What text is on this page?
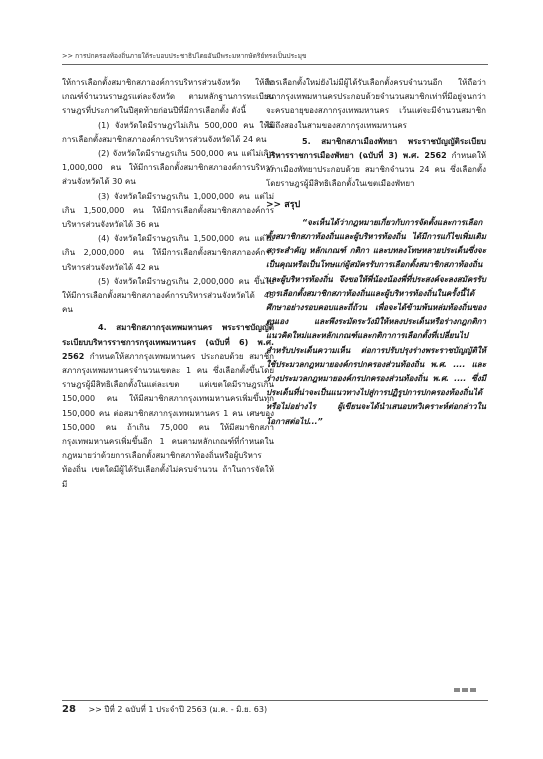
>> การปกครองท้องถิ่นภายใต้ระบอบประชาธิปไตยอันมีพระมหากษัตริย์ทรงเป็นประมุข

ให้การเลือกตั้งสมาชิกสภาองค์การบริหารส่วนจังหวัด ให้ถือเกณฑ์จำนวนราษฎรแต่ละจังหวัด ตามหลักฐานการทะเบียนราษฎรที่ประกาศในปีสุดท้ายก่อนปีที่มีการเลือกตั้ง ดังนี้

(1) จังหวัดใดมีราษฎรไม่เกิน 500,000 คน ให้มีการเลือกตั้งสมาชิกสภาองค์การบริหารส่วนจังหวัดได้ 24 คน

(2) จังหวัดใดมีราษฎรเกิน 500,000 คน แต่ไม่เกิน 1,000,000 คน ให้มีการเลือกตั้งสมาชิกสภาองค์การบริหารส่วนจังหวัดได้ 30 คน

(3) จังหวัดใดมีราษฎรเกิน 1,000,000 คน แต่ไม่เกิน 1,500,000 คน ให้มีการเลือกตั้งสมาชิกสภาองค์การบริหารส่วนจังหวัดได้ 36 คน

(4) จังหวัดใดมีราษฎรเกิน 1,500,000 คน แต่ไม่เกิน 2,000,000 คน ให้มีการเลือกตั้งสมาชิกสภาองค์การบริหารส่วนจังหวัดได้ 42 คน

(5) จังหวัดใดมีราษฎรเกิน 2,000,000 คน ขึ้นไป ให้มีการเลือกตั้งสมาชิกสภาองค์การบริหารส่วนจังหวัดได้ 48 คน

4. สมาชิกสภากรุงเทพมหานคร พระราชบัญญัติระเบียบบริหารราชการกรุงเทพมหานคร (ฉบับที่ 6) พ.ศ. 2562 กำหนดให้สภากรุงเทพมหานคร ประกอบด้วย สมาชิกสภากรุงเทพมหานครจำนวนเขตละ 1 คน ซึ่งเลือกตั้งขึ้นโดยราษฎรผู้มีสิทธิเลือกตั้งในแต่ละเขต แต่เขตใดมีราษฎรเกิน 150,000 คน ให้มีสมาชิกสภากรุงเทพมหานครเพิ่มขึ้นทุก 150,000 คน ต่อสมาชิกสภากรุงเทพมหานคร 1 คน เศษของ 150,000 คน ถ้าเกิน 75,000 คน ให้มีสมาชิกสภากรุงเทพมหานครเพิ่มขึ้นอีก 1 คนตามหลักเกณฑ์ที่กำหนดในกฎหมายว่าด้วยการเลือกตั้งสมาชิกสภาท้องถิ่นหรือผู้บริหารท้องถิ่น เขตใดมีผู้ได้รับเลือกตั้งไม่ครบจำนวน ถ้าในการจัดให้มี

การเลือกตั้งใหม่ยังไม่มีผู้ได้รับเลือกตั้งครบจำนวนอีก ให้ถือว่าสภากรุงเทพมหานครประกอบด้วยจำนวนสมาชิกเท่าที่มีอยู่จนกว่าจะครบอายุของสภากรุงเทพมหานคร เว้นแต่จะมีจำนวนสมาชิกไม่ถึงสองในสามของสภากรุงเทพมหานคร

5. สมาชิกสภาเมืองพัทยา พระราชบัญญัติระเบียบบริหารราชการเมืองพัทยา (ฉบับที่ 3) พ.ศ. 2562 กำหนดให้สภาเมืองพัทยาประกอบด้วย สมาชิกจำนวน 24 คน ซึ่งเลือกตั้งโดยราษฎรผู้มีสิทธิเลือกตั้งในเขตเมืองพัทยา

>> สรุป

“จะเห็นได้ว่ากฎหมายเกี่ยวกับการจัดตั้งและการเลือกตั้งสมาชิกสภาท้องถิ่นและผู้บริหารท้องถิ่น ได้มีการแก้ไขเพิ่มเติมสาระสำคัญ หลักเกณฑ์ กติกา และบทลงโทษหลายประเด็นซึ่งจะเป็นคุณหรือเป็นโทษแก่ผู้สมัครรับการเลือกตั้งสมาชิกสภาท้องถิ่นและผู้บริหารท้องถิ่น จึงขอให้พี่น้องน้องพี่ที่ประสงค์จะลงสมัครรับการเลือกตั้งสมาชิกสภาท้องถิ่นและผู้บริหารท้องถิ่นในครั้งนี้ได้ศึกษาอย่างรอบคอบและถี่ถ้วน เพื่อจะได้ข้ามพ้นหล่มท้องถิ่นของตนเอง และพึงระมัดระวังมิให้หลงประเด็นหรือร่างกฎกติกาแนวคิดใหม่และหลักเกณฑ์และกติกาการเลือกตั้งที่เปลี่ยนไป สำหรับประเด็นความเห็น ต่อการปรับปรุงร่างพระราชบัญญัติให้ใช้ประมวลกฎหมายองค์กรปกครองส่วนท้องถิ่น พ.ศ. .... และร่างประมวลกฎหมายองค์กรปกครองส่วนท้องถิ่น พ.ศ. .... ซึ่งมีประเด็นที่น่าจะเป็นแนวทางไปสู่การปฏิรูปการปกครองท้องถิ่นได้หรือไม่อย่างไร ผู้เขียนจะได้นำเสนอบทวิเคราะห์ต่อกล่าวในโอกาสต่อไป...”

28 >> ปีที่ 2 ฉบับที่ 1 ประจำปี 2563 (ม.ค. - มิ.ย. 63)
